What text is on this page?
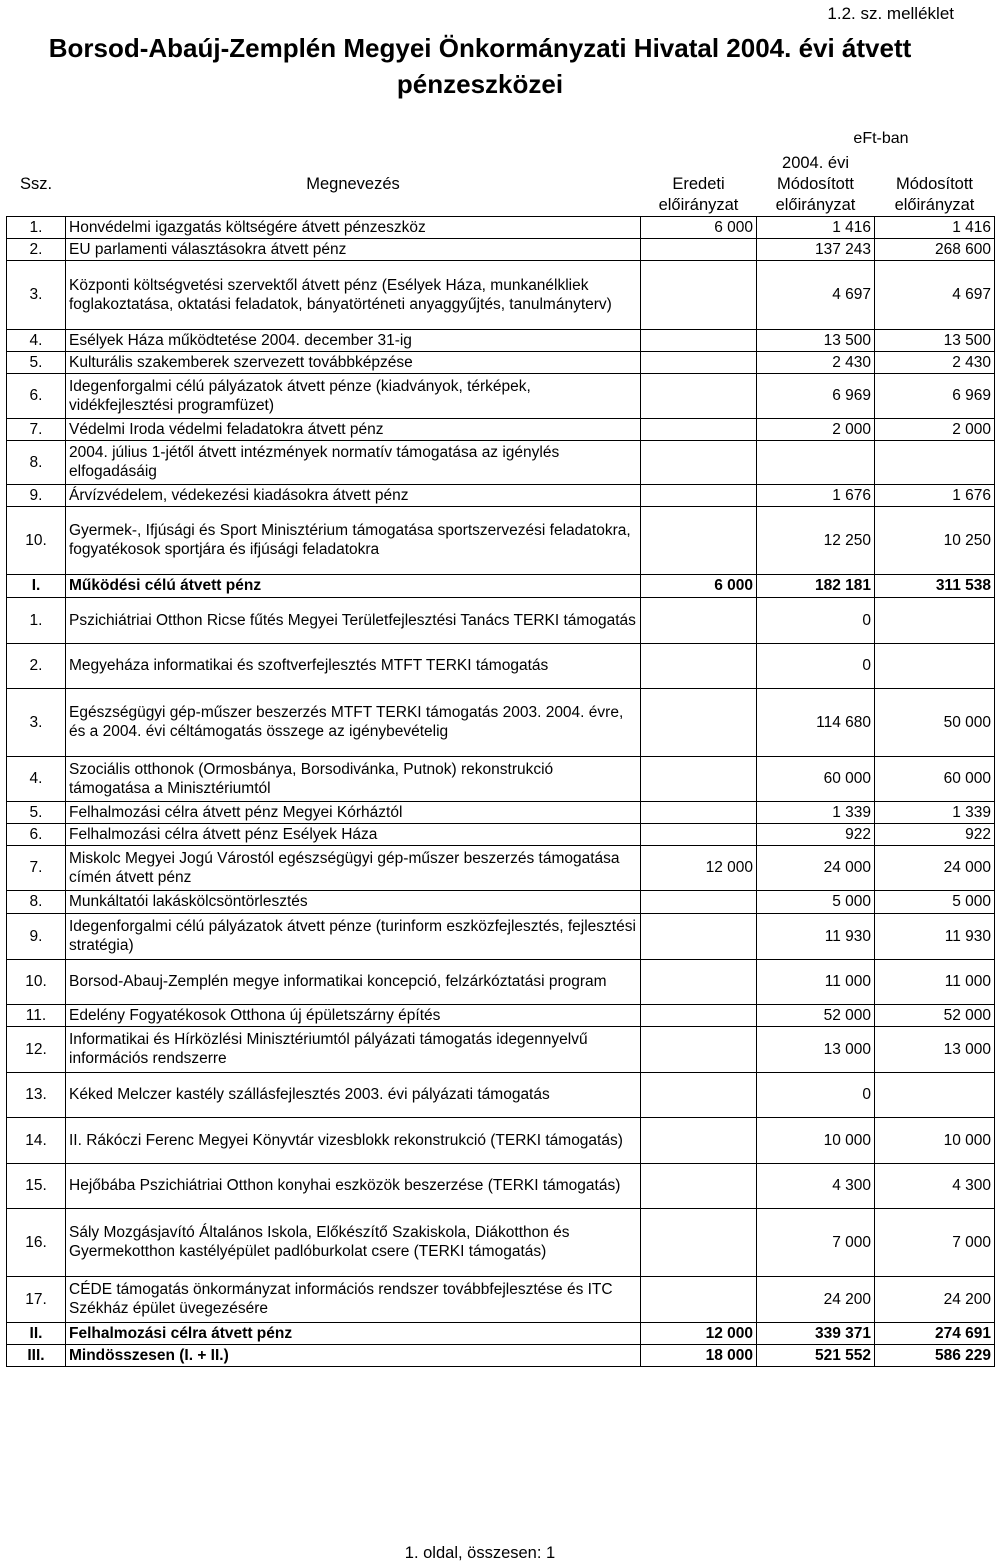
1.2. sz. melléklet
Borsod-Abaúj-Zemplén Megyei Önkormányzati Hivatal 2004. évi átvett
pénzeszközei
eFt-ban
			2004. évi	
Ssz.	Megnevezés	Eredeti	Módosított	Módosított
		előirányzat	előirányzat	előirányzat
1.	Honvédelmi igazgatás költségére átvett pénzeszköz	6 000	1 416	1 416
2.	EU parlamenti választásokra átvett pénz		137 243	268 600
3.	Központi költségvetési szervektől átvett pénz (Esélyek Háza, munkanélkliek foglakoztatása, oktatási feladatok, bányatörténeti anyaggyűjtés, tanulmányterv)		4 697	4 697
4.	Esélyek Háza működtetése 2004. december 31-ig		13 500	13 500
5.	Kulturális szakemberek szervezett továbbképzése		2 430	2 430
6.	Idegenforgalmi célú pályázatok átvett pénze (kiadványok, térképek, vidékfejlesztési programfüzet)		6 969	6 969
7.	Védelmi Iroda védelmi feladatokra átvett pénz		2 000	2 000
8.	2004. július 1-jétől átvett intézmények normatív támogatása az igénylés elfogadásáig			
9.	Árvízvédelem, védekezési kiadásokra átvett pénz		1 676	1 676
10.	Gyermek-, Ifjúsági és Sport Minisztérium támogatása sportszervezési feladatokra, fogyatékosok sportjára és ifjúsági feladatokra		12 250	10 250
I.	Működési célú átvett pénz	6 000	182 181	311 538
1.	Pszichiátriai Otthon Ricse fűtés Megyei Területfejlesztési Tanács TERKI támogatás		0	
2.	Megyeháza informatikai és szoftverfejlesztés MTFT TERKI támogatás		0	
3.	Egészségügyi gép-műszer beszerzés MTFT TERKI támogatás 2003. 2004. évre, és a 2004. évi céltámogatás összege az igénybevételig		114 680	50 000
4.	Szociális otthonok (Ormosbánya, Borsodivánka, Putnok) rekonstrukció támogatása a Minisztériumtól		60 000	60 000
5.	Felhalmozási célra átvett pénz Megyei Kórháztól		1 339	1 339
6.	Felhalmozási célra átvett pénz Esélyek Háza		922	922
7.	Miskolc Megyei Jogú Várostól egészségügyi gép-műszer beszerzés támogatása címén átvett pénz	12 000	24 000	24 000
8.	Munkáltatói lakáskölcsöntörlesztés		5 000	5 000
9.	Idegenforgalmi célú pályázatok átvett pénze (turinform eszközfejlesztés, fejlesztési stratégia)		11 930	11 930
10.	Borsod-Abauj-Zemplén megye informatikai koncepció, felzárkóztatási program		11 000	11 000
11.	Edelény Fogyatékosok Otthona új épületszárny építés		52 000	52 000
12.	Informatikai és Hírközlési Minisztériumtól pályázati támogatás idegennyelvű információs rendszerre		13 000	13 000
13.	Kéked Melczer kastély szállásfejlesztés 2003. évi pályázati támogatás		0	
14.	II. Rákóczi Ferenc Megyei Könyvtár vizesblokk rekonstrukció (TERKI támogatás)		10 000	10 000
15.	Hejőbába Pszichiátriai Otthon konyhai eszközök beszerzése (TERKI támogatás)		4 300	4 300
16.	Sály Mozgásjavító Általános Iskola, Előkészítő Szakiskola, Diákotthon és Gyermekotthon kastélyépület padlóburkolat csere (TERKI támogatás)		7 000	7 000
17.	CÉDE támogatás önkormányzat információs rendszer továbbfejlesztése és ITC Székház épület üvegezésére		24 200	24 200
II.	Felhalmozási célra átvett pénz	12 000	339 371	274 691
III.	Mindösszesen (I. + II.)	18 000	521 552	586 229
1. oldal, összesen: 1
